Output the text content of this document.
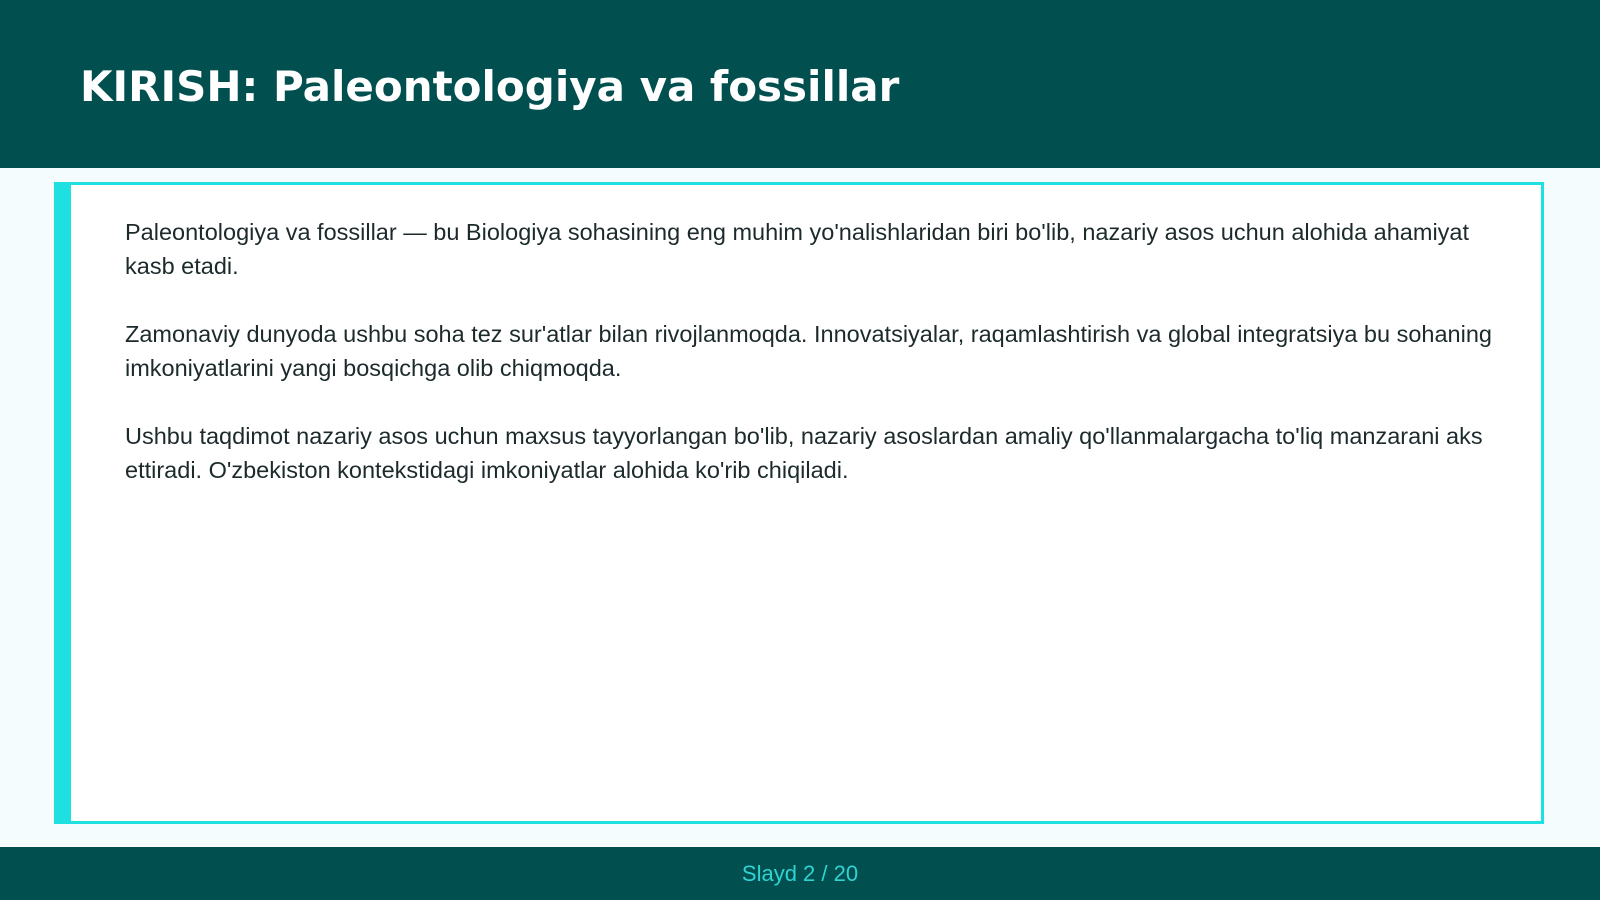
KIRISH: Paleontologiya va fossillar

Paleontologiya va fossillar — bu Biologiya sohasining eng muhim yo'nalishlaridan biri bo'lib, nazariy asos uchun alohida ahamiyat kasb etadi.

Zamonaviy dunyoda ushbu soha tez sur'atlar bilan rivojlanmoqda. Innovatsiyalar, raqamlashtirish va global integratsiya bu sohaning imkoniyatlarini yangi bosqichga olib chiqmoqda.

Ushbu taqdimot nazariy asos uchun maxsus tayyorlangan bo'lib, nazariy asoslardan amaliy qo'llanmalargacha to'liq manzarani aks ettiradi. O'zbekiston kontekstidagi imkoniyatlar alohida ko'rib chiqiladi.

Slayd 2 / 20
